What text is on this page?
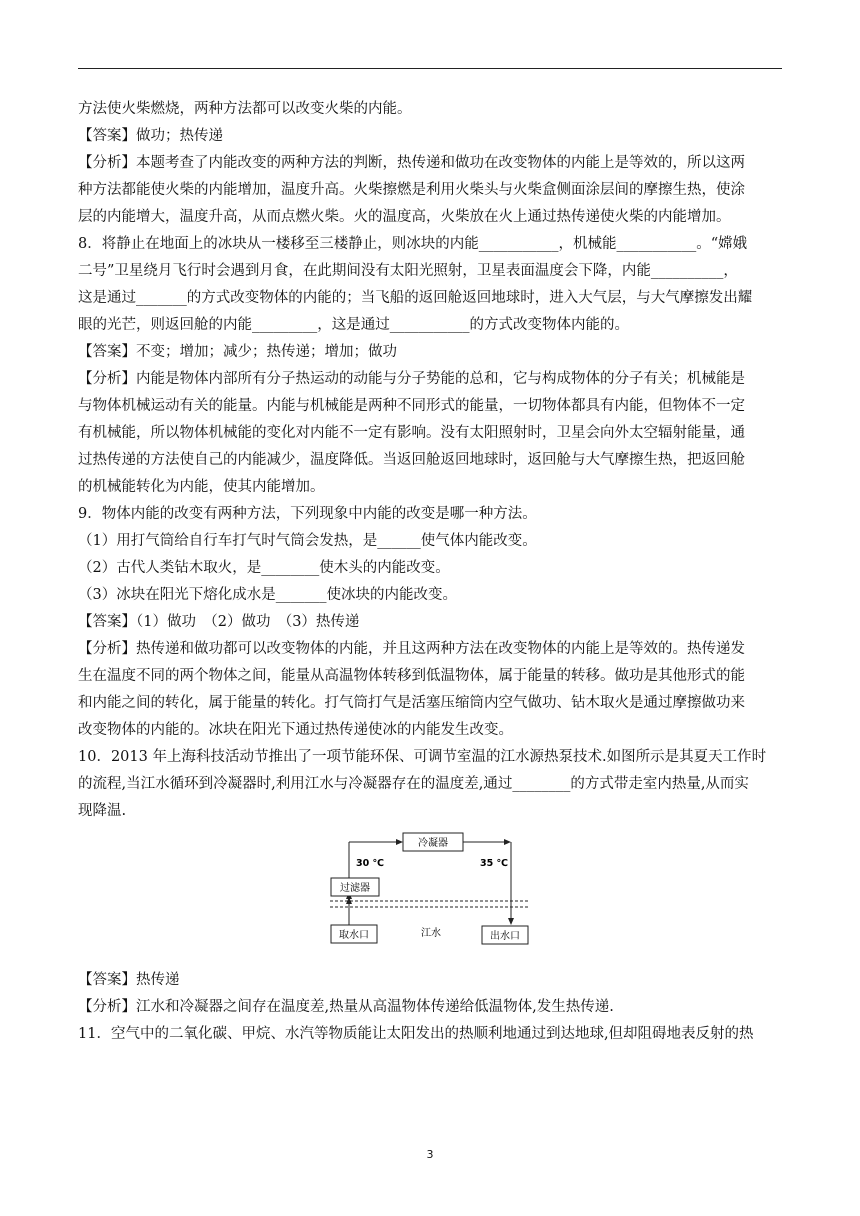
方法使火柴燃烧，两种方法都可以改变火柴的内能。
【答案】做功；热传递
【分析】本题考查了内能改变的两种方法的判断，热传递和做功在改变物体的内能上是等效的，所以这两
种方法都能使火柴的内能增加，温度升高。火柴擦燃是利用火柴头与火柴盒侧面涂层间的摩擦生热，使涂
层的内能增大，温度升高，从而点燃火柴。火的温度高，火柴放在火上通过热传递使火柴的内能增加。
8．将静止在地面上的冰块从一楼移至三楼静止，则冰块的内能___________，机械能___________。“嫦娥
二号”卫星绕月飞行时会遇到月食，在此期间没有太阳光照射，卫星表面温度会下降，内能__________，
这是通过_______的方式改变物体的内能的；当飞船的返回舱返回地球时，进入大气层，与大气摩擦发出耀
眼的光芒，则返回舱的内能_________，这是通过___________的方式改变物体内能的。
【答案】不变；增加；减少；热传递；增加；做功
【分析】内能是物体内部所有分子热运动的动能与分子势能的总和，它与构成物体的分子有关；机械能是
与物体机械运动有关的能量。内能与机械能是两种不同形式的能量，一切物体都具有内能，但物体不一定
有机械能，所以物体机械能的变化对内能不一定有影响。没有太阳照射时，卫星会向外太空辐射能量，通
过热传递的方法使自己的内能减少，温度降低。当返回舱返回地球时，返回舱与大气摩擦生热，把返回舱
的机械能转化为内能，使其内能增加。
9．物体内能的改变有两种方法，下列现象中内能的改变是哪一种方法。
（1）用打气筒给自行车打气时气筒会发热，是______使气体内能改变。
（2）古代人类钻木取火，是________使木头的内能改变。
（3）冰块在阳光下熔化成水是_______使冰块的内能改变。
【答案】（1）做功　（2）做功　（3）热传递
【分析】热传递和做功都可以改变物体的内能，并且这两种方法在改变物体的内能上是等效的。热传递发
生在温度不同的两个物体之间，能量从高温物体转移到低温物体，属于能量的转移。做功是其他形式的能
和内能之间的转化，属于能量的转化。打气筒打气是活塞压缩筒内空气做功、钻木取火是通过摩擦做功来
改变物体的内能的。冰块在阳光下通过热传递使冰的内能发生改变。
10．2013 年上海科技活动节推出了一项节能环保、可调节室温的江水源热泵技术.如图所示是其夏天工作时
的流程,当江水循环到冷凝器时,利用江水与冷凝器存在的温度差,通过________的方式带走室内热量,从而实
现降温.
冷凝器
30 ℃	35 ℃
过滤器
取水口	江水	出水口
【答案】热传递
【分析】江水和冷凝器之间存在温度差,热量从高温物体传递给低温物体,发生热传递.
11．空气中的二氧化碳、甲烷、水汽等物质能让太阳发出的热顺利地通过到达地球,但却阻碍地表反射的热
3
